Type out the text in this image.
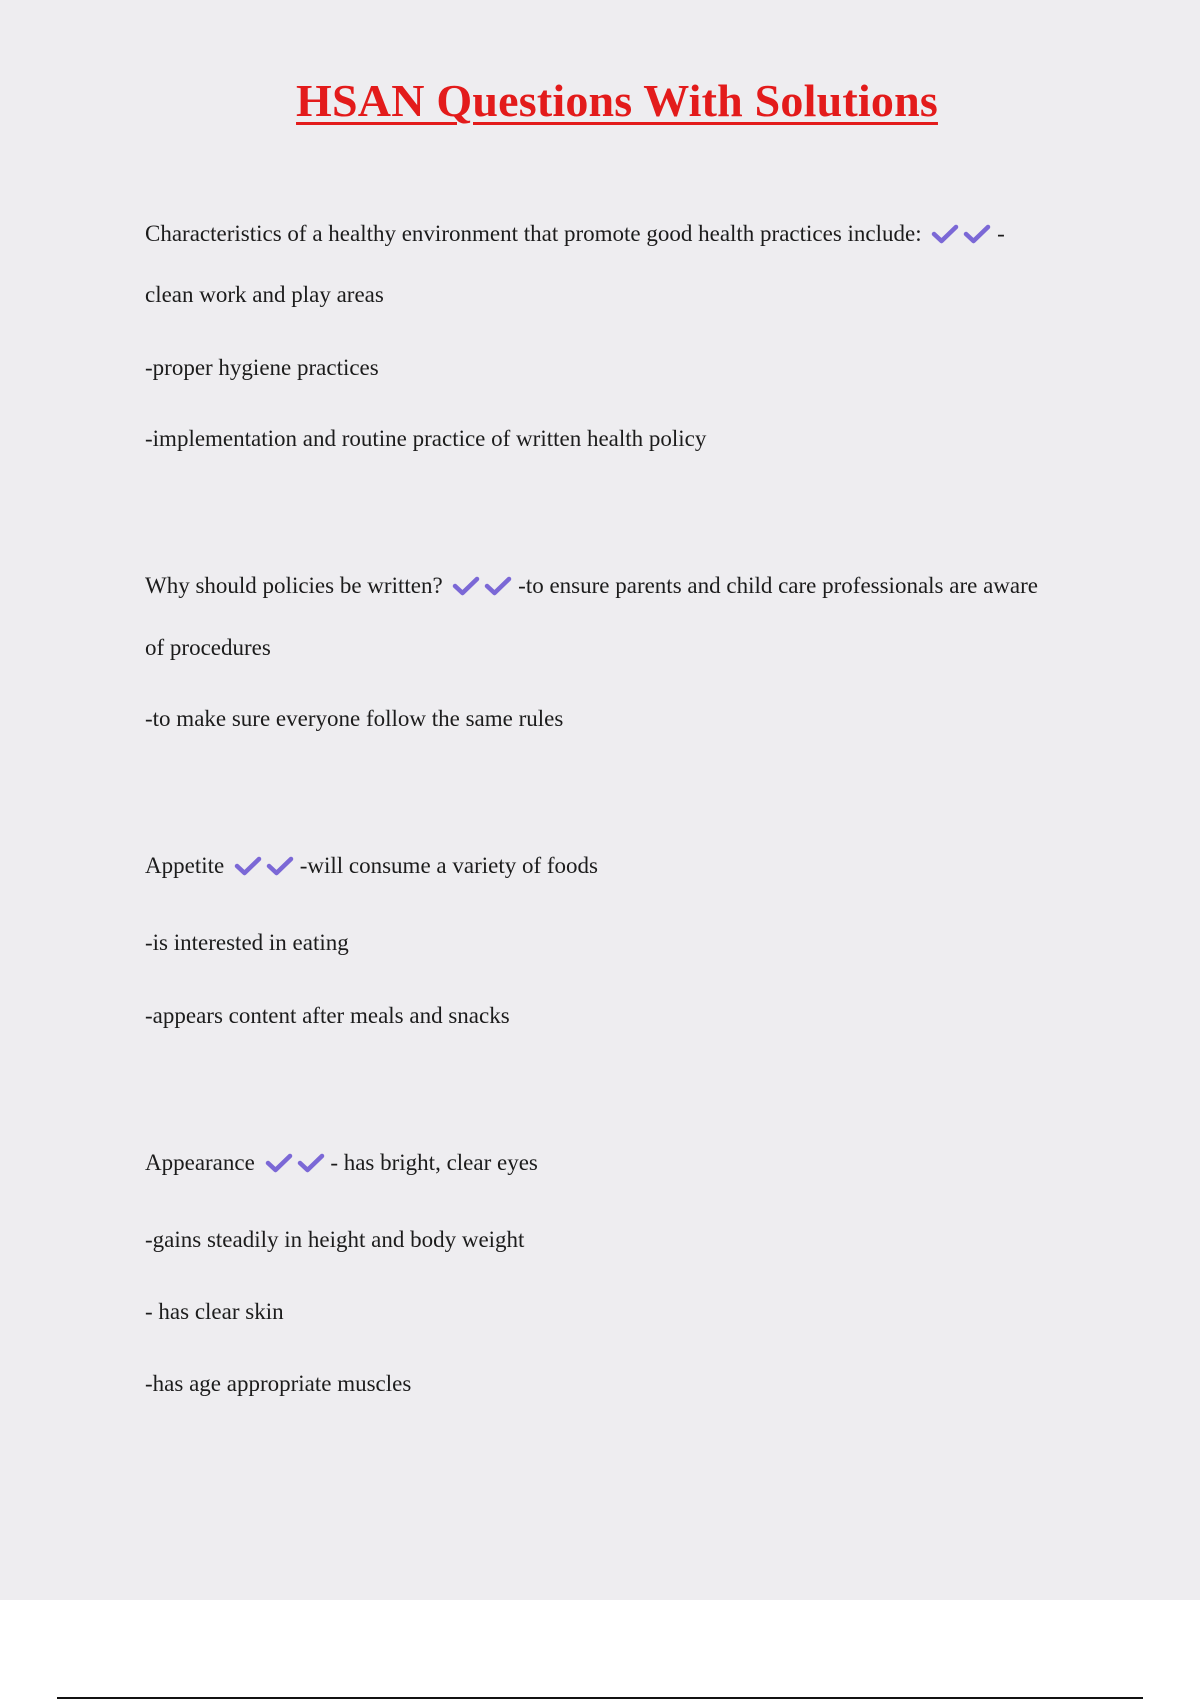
HSAN Questions With Solutions
Characteristics of a healthy environment that promote good health practices include:	-
clean work and play areas
-proper hygiene practices
-implementation and routine practice of written health policy
Why should policies be written?	-to ensure parents and child care professionals are aware
of procedures
-to make sure everyone follow the same rules
Appetite	-will consume a variety of foods
-is interested in eating
-appears content after meals and snacks
Appearance	- has bright, clear eyes
-gains steadily in height and body weight
- has clear skin
-has age appropriate muscles
